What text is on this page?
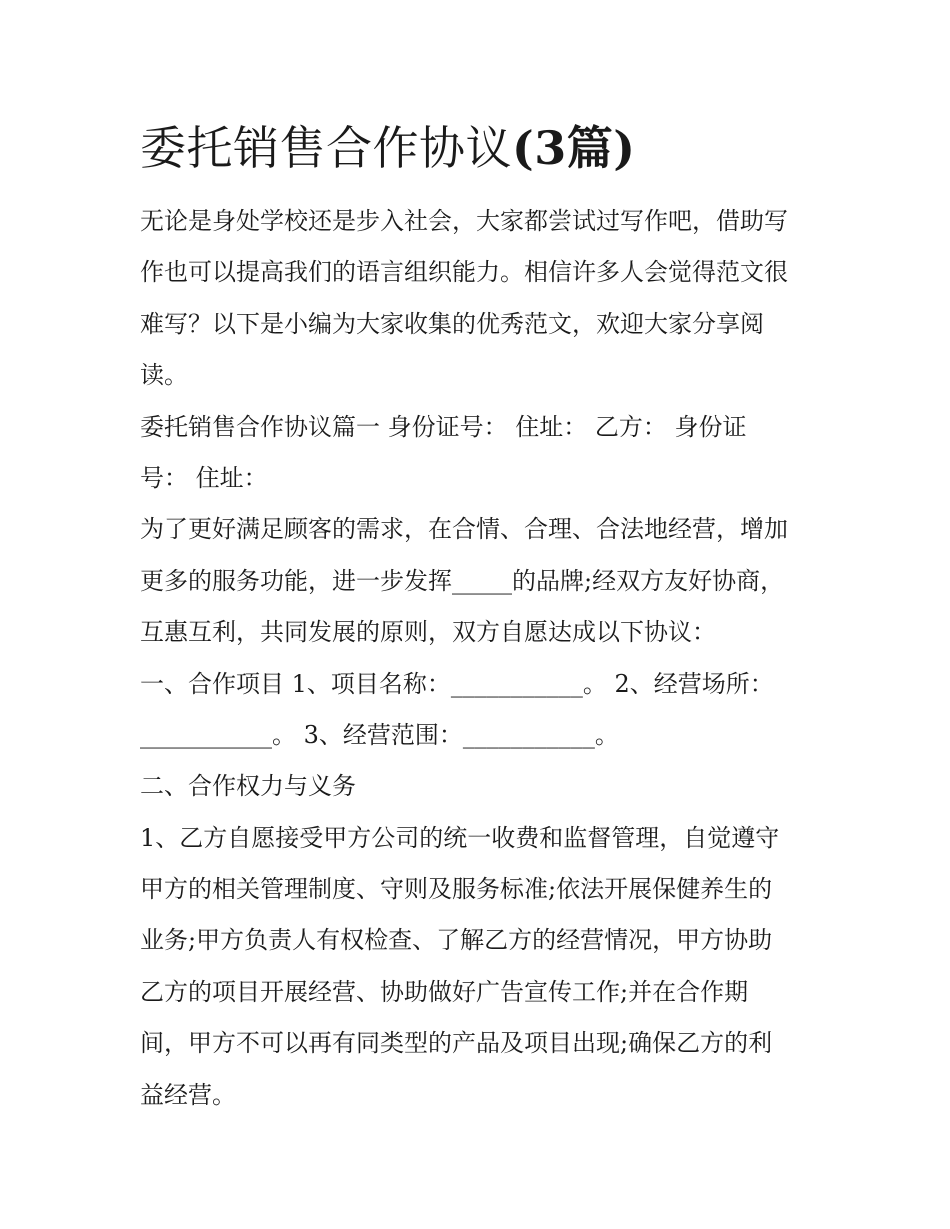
委托销售合作协议(3篇)

无论是身处学校还是步入社会，大家都尝试过写作吧，借助写

作也可以提高我们的语言组织能力。相信许多人会觉得范文很

难写？以下是小编为大家收集的优秀范文，欢迎大家分享阅

读。

委托销售合作协议篇一 身份证号： 住址： 乙方： 身份证

号： 住址：

为了更好满足顾客的需求，在合情、合理、合法地经营，增加

更多的服务功能，进一步发挥_____的品牌;经双方友好协商，

互惠互利，共同发展的原则，双方自愿达成以下协议：

一、合作项目 1、项目名称：___________。 2、经营场所：

___________。 3、经营范围：___________。

二、合作权力与义务

1、乙方自愿接受甲方公司的统一收费和监督管理，自觉遵守

甲方的相关管理制度、守则及服务标准;依法开展保健养生的

业务;甲方负责人有权检查、了解乙方的经营情况，甲方协助

乙方的项目开展经营、协助做好广告宣传工作;并在合作期

间，甲方不可以再有同类型的产品及项目出现;确保乙方的利

益经营。
